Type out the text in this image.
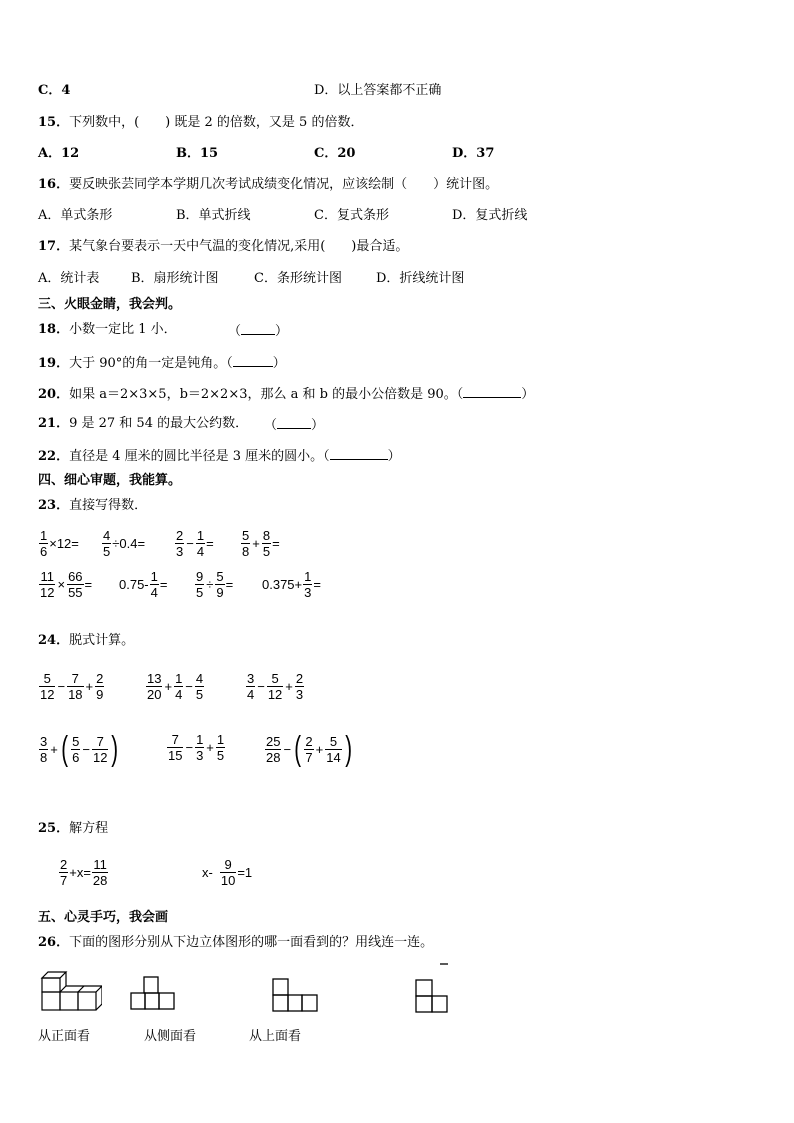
C．4	D．以上答案都不正确
15．下列数中，(　　) 既是 2 的倍数，又是 5 的倍数．
A．12	B．15	C．20	D．37
16．要反映张芸同学本学期几次考试成绩变化情况，应该绘制（　　）统计图。
A．单式条形	B．单式折线	C．复式条形	D．复式折线
17．某气象台要表示一天中气温的变化情况,采用(　　)最合适。
A．统计表 B．扇形统计图	C．条形统计图	D．折线统计图
三、火眼金睛，我会判。
18．小数一定比 1 小．	（	）
19．大于 90°的角一定是钝角。（	）
20．如果 a＝2×3×5，b＝2×2×3，那么 a 和 b 的最小公倍数是 90。（	）
21．9 是 27 和 54 的最大公约数． （	）
22．直径是 4 厘米的圆比半径是 3 厘米的圆小。（	）
四、细心审题，我能算。
23．直接写得数．
$\frac{1}{6} \times 12= \frac{4}{5} \div 0.4= \frac{2}{3} - \frac{1}{4} = \frac{5}{8} + \frac{8}{5}$ =
$\frac{11}{12} \times \frac{66}{55} = 0.75- \frac{1}{4} = \frac{9}{5} \div \frac{5}{9} = 0.375+ \frac{1}{3}$ =
24．脱式计算。
$\frac{5}{12} - \frac{7}{18} + \frac{2}{9}$	$\frac{13}{20} + \frac{1}{4} - \frac{4}{5}$	$\frac{3}{4} - \frac{5}{12} + \frac{2}{3}$
$\frac{3}{8}$ + ( $\frac{5}{6} - \frac{7}{12}$ )	$\frac{7}{15} - \frac{1}{3} + \frac{1}{5}$	$\frac{25}{28}$ − ( $\frac{2}{7} + \frac{5}{14}$ )
25．解方程
$\frac{2}{7} +x= \frac{11}{28}$	$x- \frac{9}{10} =1$
五、心灵手巧，我会画
26．下面的图形分别从下边立体图形的哪一面看到的？用线连一连。
从正面看	从侧面看	从上面看
